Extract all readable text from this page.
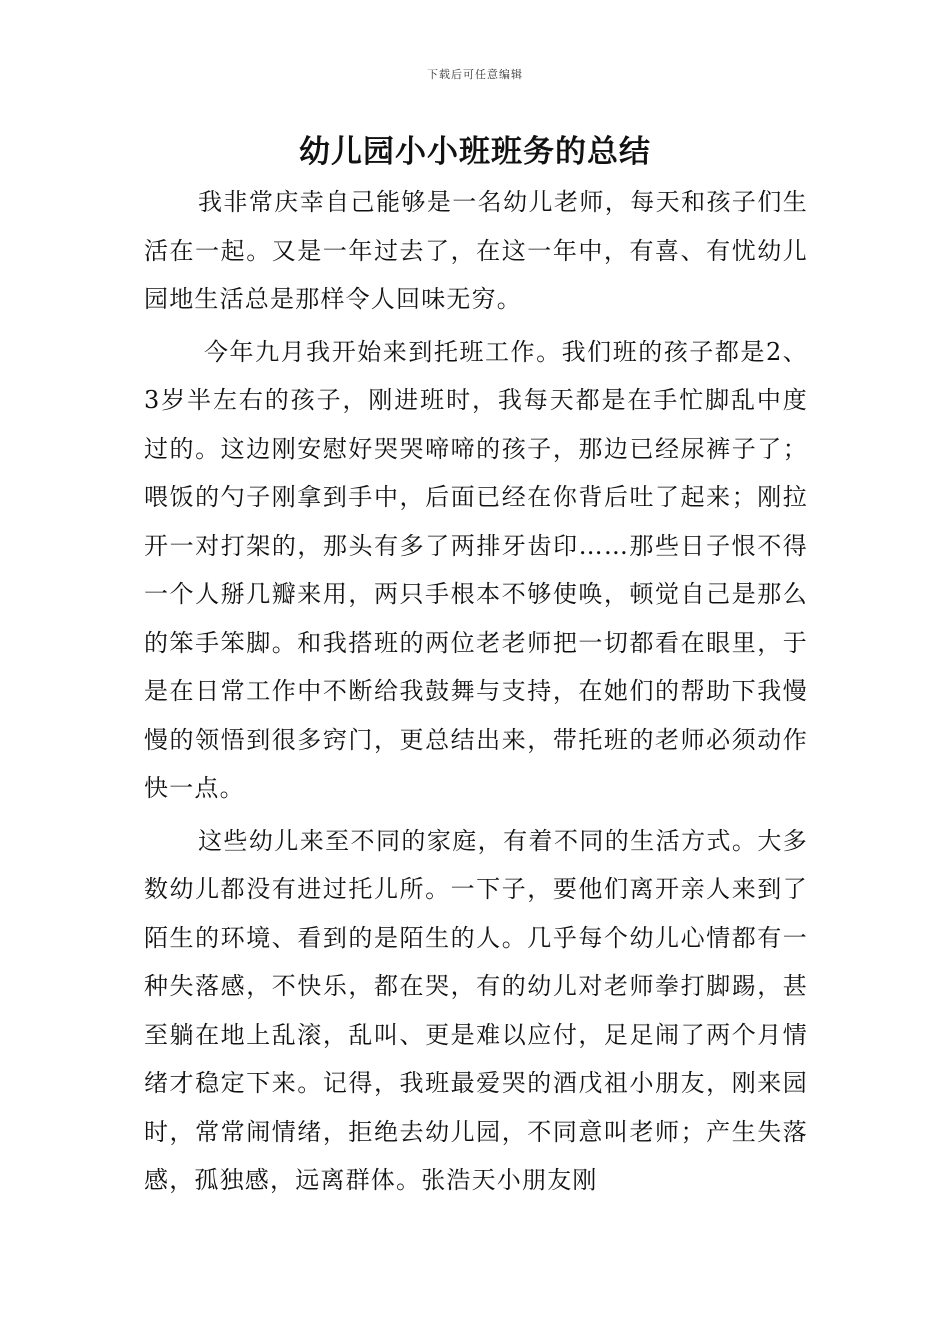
下载后可任意编辑
幼儿园小小班班务的总结

我非常庆幸自己能够是一名幼儿老师，每天和孩子们生活在一起。又是一年过去了，在这一年中，有喜、有忧幼儿园地生活总是那样令人回味无穷。

今年九月我开始来到托班工作。我们班的孩子都是2、3岁半左右的孩子，刚进班时，我每天都是在手忙脚乱中度过的。这边刚安慰好哭哭啼啼的孩子，那边已经尿裤子了；喂饭的勺子刚拿到手中，后面已经在你背后吐了起来；刚拉开一对打架的，那头有多了两排牙齿印……那些日子恨不得一个人掰几瓣来用，两只手根本不够使唤，顿觉自己是那么的笨手笨脚。和我搭班的两位老老师把一切都看在眼里，于是在日常工作中不断给我鼓舞与支持，在她们的帮助下我慢慢的领悟到很多窍门，更总结出来，带托班的老师必须动作快一点。

这些幼儿来至不同的家庭，有着不同的生活方式。大多数幼儿都没有进过托儿所。一下子，要他们离开亲人来到了陌生的环境、看到的是陌生的人。几乎每个幼儿心情都有一种失落感，不快乐，都在哭，有的幼儿对老师拳打脚踢，甚至躺在地上乱滚，乱叫、更是难以应付，足足闹了两个月情绪才稳定下来。记得，我班最爱哭的酒戊祖小朋友，刚来园时，常常闹情绪，拒绝去幼儿园，不同意叫老师；产生失落感，孤独感，远离群体。张浩天小朋友刚
